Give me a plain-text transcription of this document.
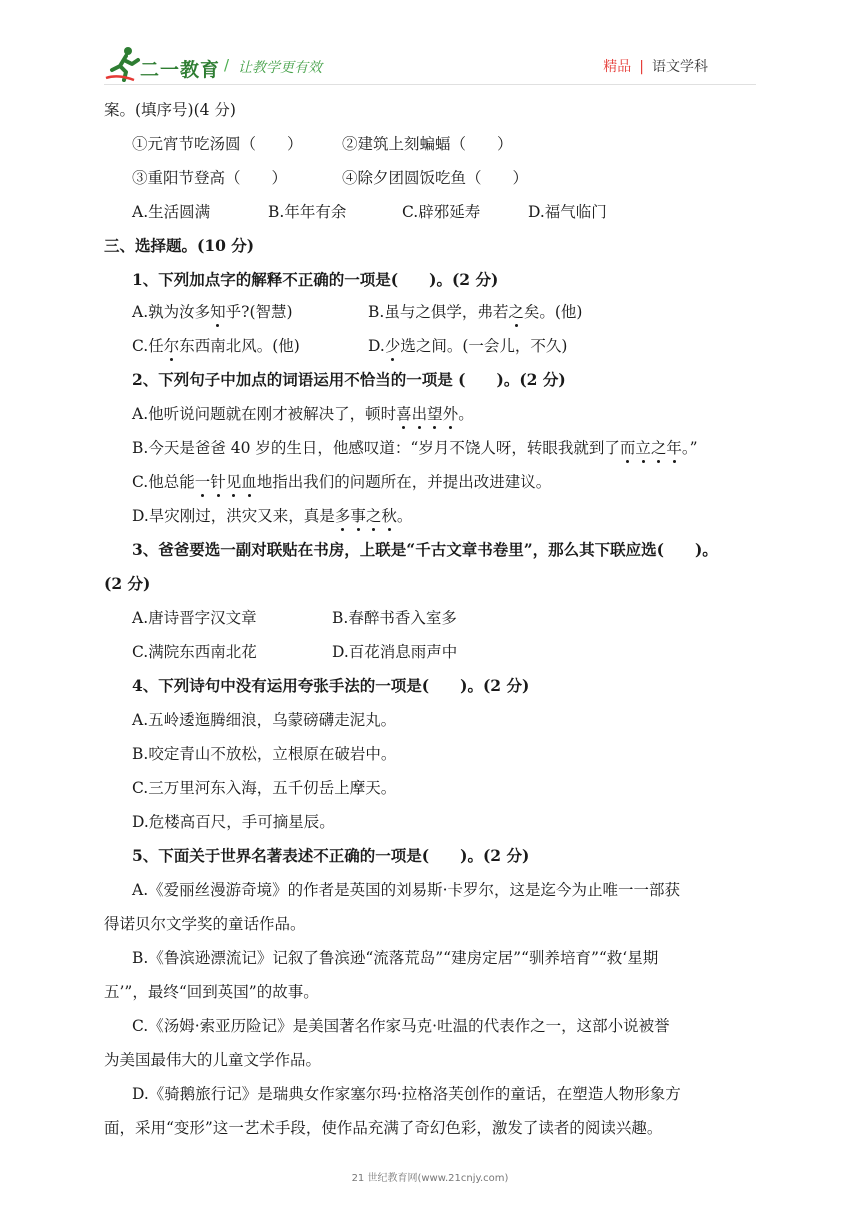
二一教育 / 让教学更有效	精品 | 语文学科
案。(填序号)(4 分)
①元宵节吃汤圆（　　）	②建筑上刻蝙蝠（　　）
③重阳节登高（　　）	④除夕团圆饭吃鱼（　　）
A.生活圆满	B.年年有余	C.辟邪延寿	D.福气临门
三、选择题。(10 分)
1、下列加点字的解释不正确的一项是(　　)。(2 分)
A.孰为汝多知乎?(智慧)	B.虽与之俱学，弗若之矣。(他)
C.任尔东西南北风。(他)	D.少选之间。(一会儿，不久)
2、下列句子中加点的词语运用不恰当的一项是 (　　)。(2 分)
A.他听说问题就在刚才被解决了，顿时喜出望外。
B.今天是爸爸 40 岁的生日，他感叹道：“岁月不饶人呀，转眼我就到了而立之年。”
C.他总能一针见血地指出我们的问题所在，并提出改进建议。
D.旱灾刚过，洪灾又来，真是多事之秋。
3、爸爸要选一副对联贴在书房，上联是“千古文章书卷里”，那么其下联应选(　　)。
(2 分)
A.唐诗晋字汉文章	B.春醉书香入室多
C.满院东西南北花	D.百花消息雨声中
4、下列诗句中没有运用夸张手法的一项是(　　)。(2 分)
A.五岭逶迤腾细浪，乌蒙磅礴走泥丸。
B.咬定青山不放松，立根原在破岩中。
C.三万里河东入海，五千仞岳上摩天。
D.危楼高百尺，手可摘星辰。
5、下面关于世界名著表述不正确的一项是(　　)。(2 分)
A.《爱丽丝漫游奇境》的作者是英国的刘易斯·卡罗尔，这是迄今为止唯一一部获
得诺贝尔文学奖的童话作品。
B.《鲁滨逊漂流记》记叙了鲁滨逊“流落荒岛”“建房定居”“驯养培育”“救‘星期
五’”，最终“回到英国”的故事。
C.《汤姆·索亚历险记》是美国著名作家马克·吐温的代表作之一，这部小说被誉
为美国最伟大的儿童文学作品。
D.《骑鹅旅行记》是瑞典女作家塞尔玛·拉格洛芙创作的童话，在塑造人物形象方
面，采用“变形”这一艺术手段，使作品充满了奇幻色彩，激发了读者的阅读兴趣。
21 世纪教育网(www.21cnjy.com)
